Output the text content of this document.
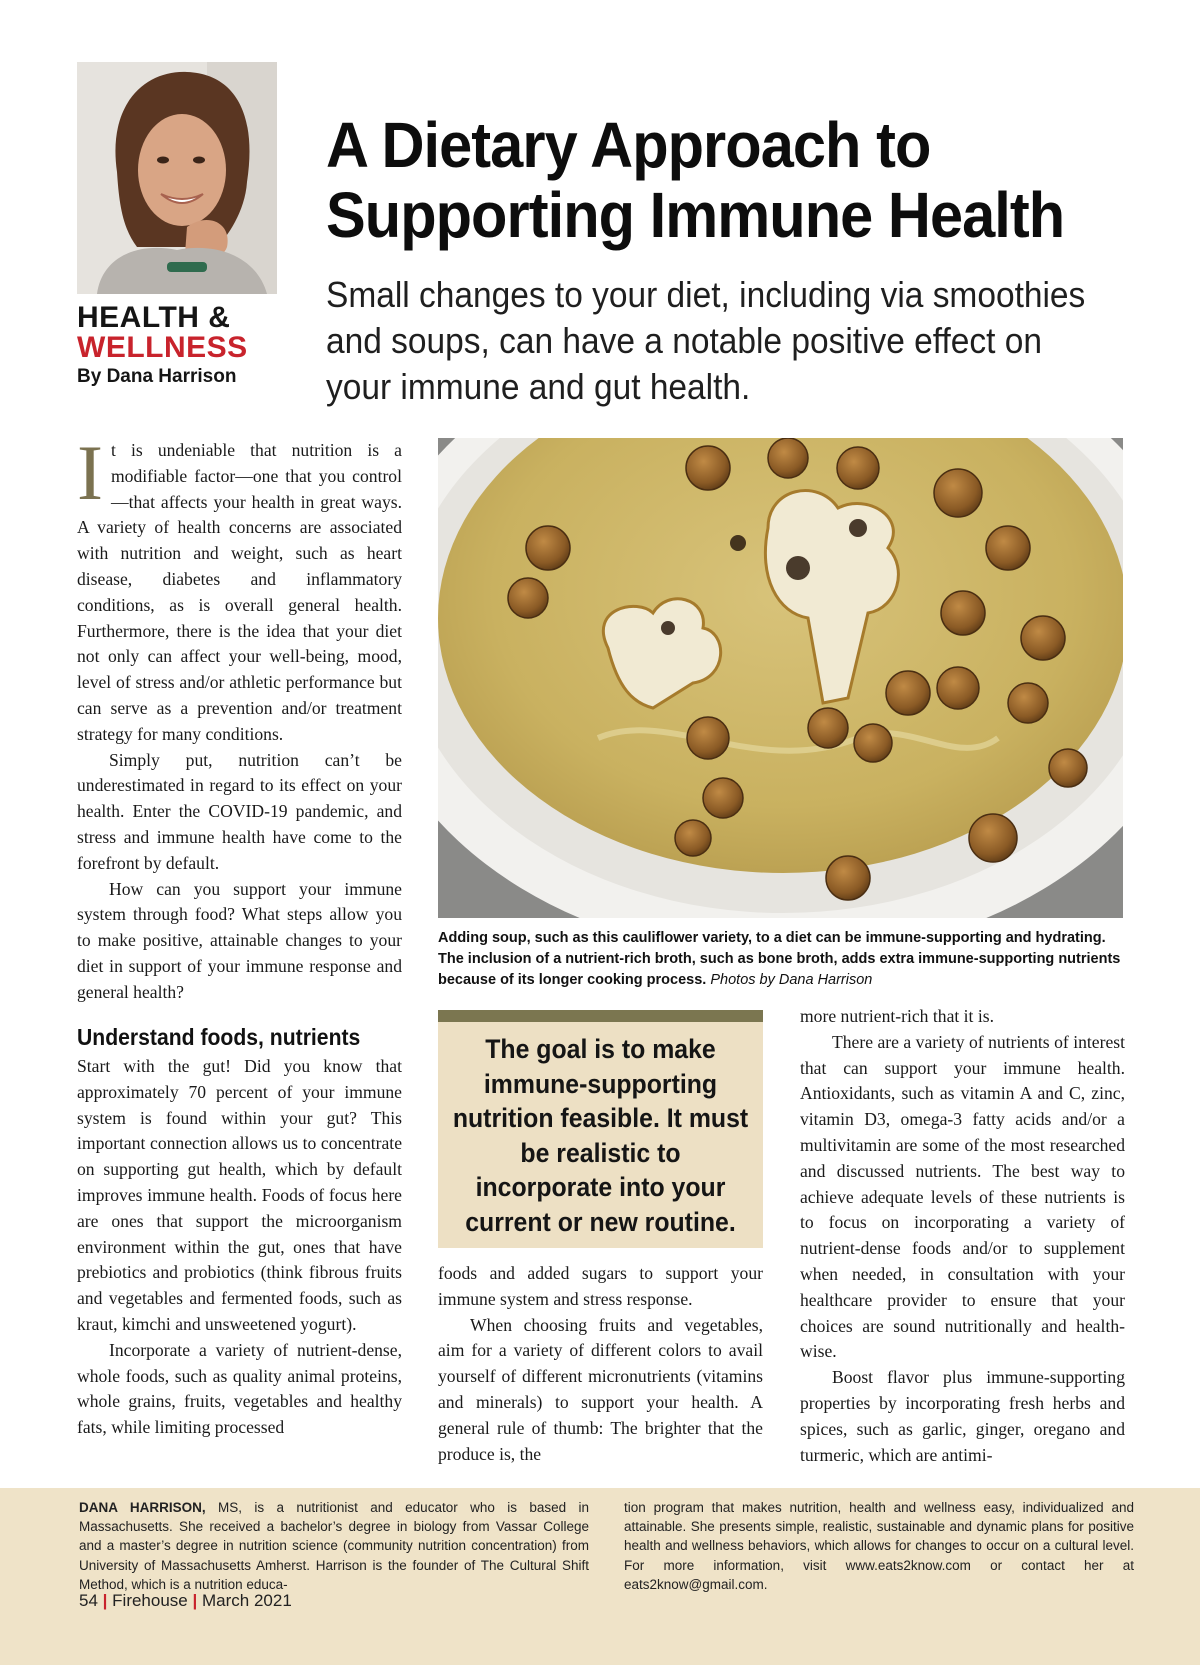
HEALTH &
WELLNESS
By Dana Harrison
A Dietary Approach to
Supporting Immune Health
Small changes to your diet, including via smoothies and soups, can have a notable positive effect on your immune and gut health.

It is undeniable that nutrition is a modifiable factor—one that you control—that affects your health in great ways. A variety of health concerns are associated with nutrition and weight, such as heart disease, diabetes and inflammatory conditions, as is overall general health. Furthermore, there is the idea that your diet not only can affect your well-being, mood, level of stress and/or athletic performance but can serve as a prevention and/or treatment strategy for many conditions.

Simply put, nutrition can’t be underestimated in regard to its effect on your health. Enter the COVID-19 pandemic, and stress and immune health have come to the forefront by default.

How can you support your immune system through food? What steps allow you to make positive, attainable changes to your diet in support of your immune response and general health?

Understand foods, nutrients

Start with the gut! Did you know that approximately 70 percent of your immune system is found within your gut? This important connection allows us to concentrate on supporting gut health, which by default improves immune health. Foods of focus here are ones that support the microorganism environment within the gut, ones that have prebiotics and probiotics (think fibrous fruits and vegetables and fermented foods, such as kraut, kimchi and unsweetened yogurt).

Incorporate a variety of nutrient-dense, whole foods, such as quality animal proteins, whole grains, fruits, vegetables and healthy fats, while limiting processed

Adding soup, such as this cauliflower variety, to a diet can be immune-supporting and hydrating. The inclusion of a nutrient-rich broth, such as bone broth, adds extra immune-supporting nutrients because of its longer cooking process. Photos by Dana Harrison
The goal is to make immune-supporting nutrition feasible. It must be realistic to incorporate into your current or new routine.

foods and added sugars to support your immune system and stress response.

When choosing fruits and vegetables, aim for a variety of different colors to avail yourself of different micronutrients (vitamins and minerals) to support your health. A general rule of thumb: The brighter that the produce is, the

more nutrient-rich that it is.

There are a variety of nutrients of interest that can support your immune health. Antioxidants, such as vitamin A and C, zinc, vitamin D3, omega-3 fatty acids and/or a multivitamin are some of the most researched and discussed nutrients. The best way to achieve adequate levels of these nutrients is to focus on incorporating a variety of nutrient-dense foods and/or to supplement when needed, in consultation with your healthcare provider to ensure that your choices are sound nutritionally and health-wise.

Boost flavor plus immune-supporting properties by incorporating fresh herbs and spices, such as garlic, ginger, oregano and turmeric, which are antimi-

DANA HARRISON, MS, is a nutritionist and educator who is based in Massachusetts. She received a bachelor’s degree in biology from Vassar College and a master’s degree in nutrition science (community nutrition concentration) from University of Massachusetts Amherst. Harrison is the founder of The Cultural Shift Method, which is a nutrition educa-
tion program that makes nutrition, health and wellness easy, individualized and attainable. She presents simple, realistic, sustainable and dynamic plans for positive health and wellness behaviors, which allows for changes to occur on a cultural level. For more information, visit www.eats2know.com or contact her at eats2know@gmail.com.
54 | Firehouse | March 2021
